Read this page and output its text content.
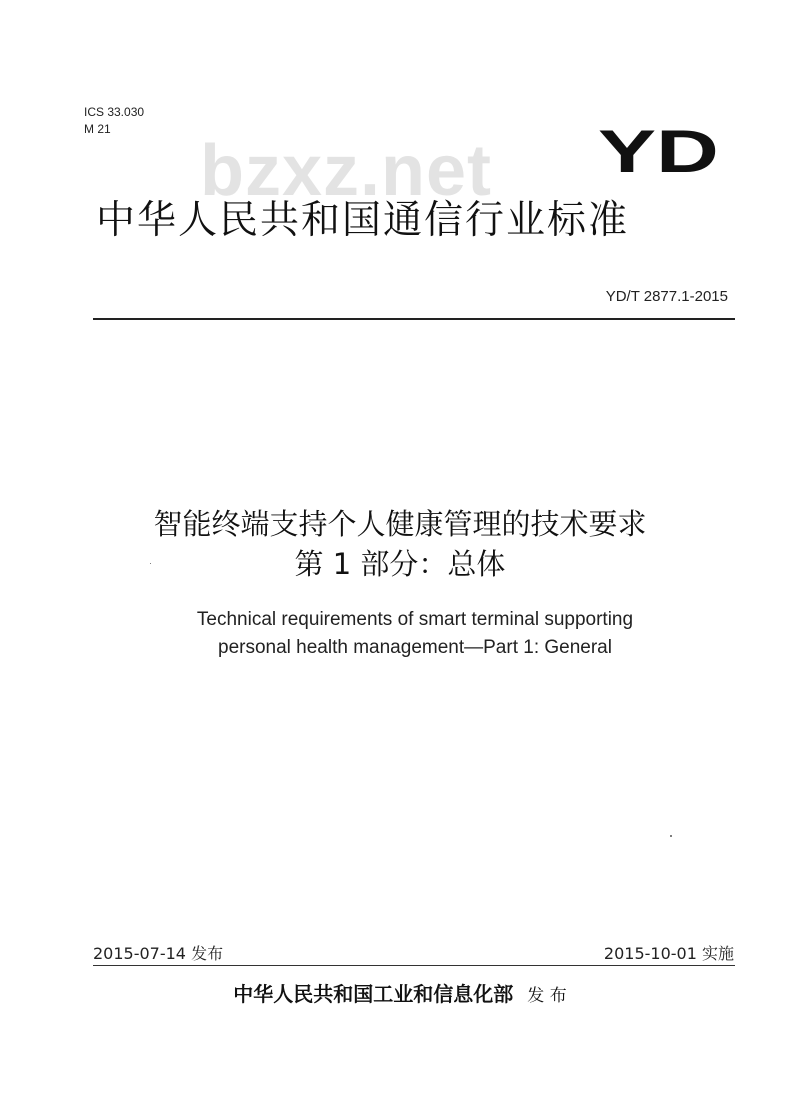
ICS 33.030
M 21
bzxz.net YD
中华人民共和国通信行业标准
YD/T 2877.1-2015
智能终端支持个人健康管理的技术要求
第 1 部分：总体
Technical requirements of smart terminal supporting
personal health management—Part 1: General
2015-07-14 发布	2015-10-01 实施
中华人民共和国工业和信息化部 发 布
